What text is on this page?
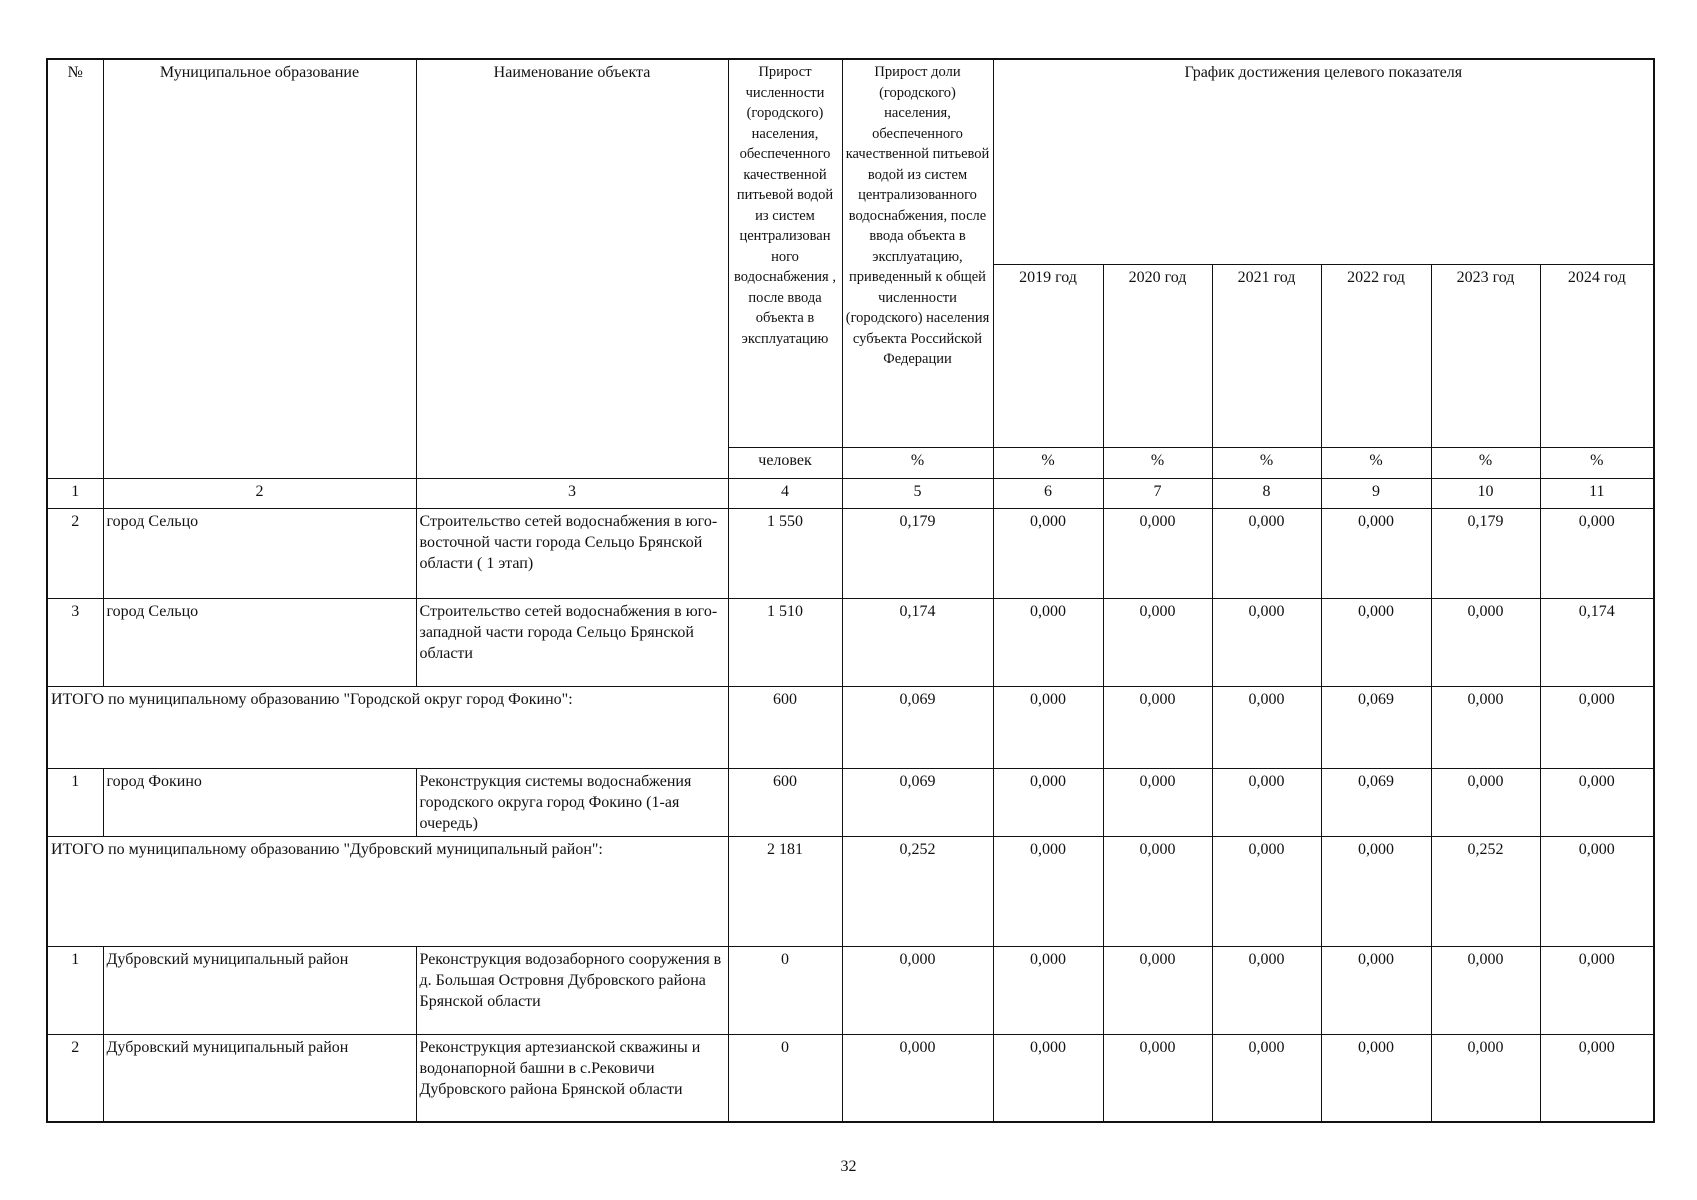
№	Муниципальное образование	Наименование объекта	Прирост численности (городского) населения, обеспеченного качественной питьевой водой из систем централизован ного водоснабжения , после ввода объекта в эксплуатацию	Прирост доли (городского) населения, обеспеченного качественной питьевой водой из систем централизованного водоснабжения, после ввода объекта в эксплуатацию, приведенный к общей численности (городского) населения субъекта Российской Федерации	График достижения целевого показателя					
					2019 год	2020 год	2021 год	2022 год	2023 год	2024 год
			человек	%	%	%	%	%	%	%
1	2	3	4	5	6	7	8	9	10	11
2	город Сельцо	Строительство сетей водоснабжения в юго-восточной части города Сельцо Брянской области ( 1 этап)	1 550	0,179	0,000	0,000	0,000	0,000	0,179	0,000
3	город Сельцо	Строительство сетей водоснабжения в юго-западной части города Сельцо Брянской области	1 510	0,174	0,000	0,000	0,000	0,000	0,000	0,174
ИТОГО по муниципальному образованию "Городской округ город Фокино":			600	0,069	0,000	0,000	0,000	0,069	0,000	0,000
1	город Фокино	Реконструкция системы водоснабжения городского округа город Фокино (1-ая очередь)	600	0,069	0,000	0,000	0,000	0,069	0,000	0,000
ИТОГО по муниципальному образованию "Дубровский муниципальный район":			2 181	0,252	0,000	0,000	0,000	0,000	0,252	0,000
1	Дубровский муниципальный район	Реконструкция водозаборного сооружения в д. Большая Островня Дубровского района Брянской области	0	0,000	0,000	0,000	0,000	0,000	0,000	0,000
2	Дубровский муниципальный район	Реконструкция артезианской скважины и водонапорной башни в с.Рековичи Дубровского района Брянской области	0	0,000	0,000	0,000	0,000	0,000	0,000	0,000
32
